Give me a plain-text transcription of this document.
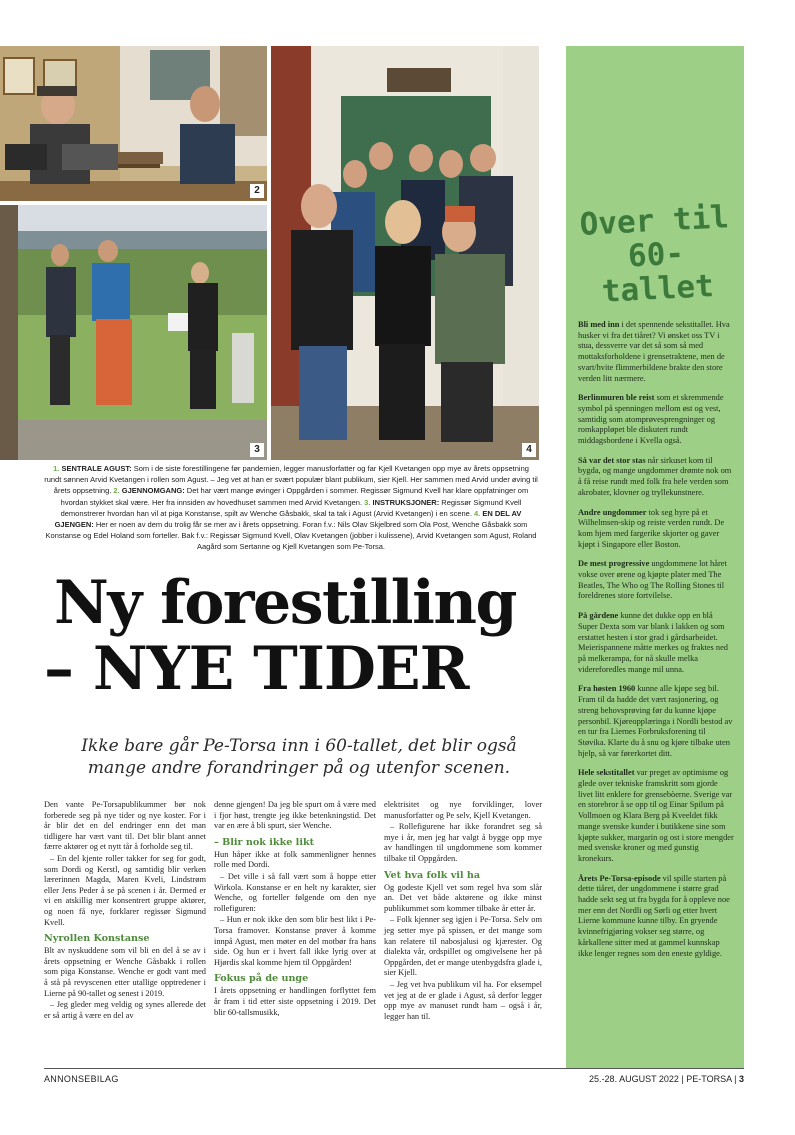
2
3	4
1. SENTRALE AGUST: Som i de siste forestillingene før pandemien, legger manusforfatter og far Kjell Kvetangen opp mye av årets oppsetning rundt sønnen Arvid Kvetangen i rollen som Agust. – Jeg vet at han er svært populær blant publikum, sier Kjell. Her sammen med Arvid under øving til årets oppsetning. 2. GJENNOMGANG: Det har vært mange øvinger i Oppgården i sommer. Regissør Sigmund Kvell har klare oppfatninger om hvordan stykket skal være. Her fra innsiden av hovedhuset sammen med Arvid Kvetangen. 3. INSTRUKSJONER: Regissør Sigmund Kvell demonstrerer hvordan han vil at piga Konstanse, spilt av Wenche Gåsbakk, skal ta tak i Agust (Arvid Kvetangen) i en scene. 4. EN DEL AV GJENGEN: Her er noen av dem du trolig får se mer av i årets oppsetning. Foran f.v.: Nils Olav Skjelbred som Ola Post, Wenche Gåsbakk som Konstanse og Edel Holand som forteller. Bak f.v.: Regissør Sigmund Kvell, Olav Kvetangen (jobber i kulissene), Arvid Kvetangen som Agust, Roland Aagård som Sertanne og Kjell Kvetangen som Pe-Torsa.
Ny forestilling
– NYE TIDER

Ikke bare går Pe-Torsa inn i 60-tallet, det blir også mange andre forandringer på og utenfor scenen.

Den vante Pe-Torsapublikummer bør nok forberede seg på nye tider og nye koster. For i år blir det en del endringer enn det man tidligere har vært vant til. Det blir blant annet færre aktører og et nytt tår å forholde seg til.

– En del kjente roller takker for seg for godt, som Dordi og Kerstl, og samtidig blir verken lærerinnen Magda, Maren Kveli, Lindstrøm eller Jens Peder å se på scenen i år. Dermed er vi en atskillig mer konsentrert gruppe aktører, og noen få nye, forklarer regissør Sigmund Kvell.

Nyrollen Konstanse

Blt av nyskuddene som vil bli en del å se av i årets oppsetning er Wenche Gåsbakk i rollen som piga Konstanse. Wenche er godt vant med å stå på revyscenen etter utallige opptredener i Lierne på 90-tallet og senest i 2019.

– Jeg gleder meg veldig og synes allerede det er så artig å være en del av

denne gjengen! Da jeg ble spurt om å være med i fjor høst, trengte jeg ikke betenkningstid. Det var en ære å bli spurt, sier Wenche.

– Blir nok ikke likt

Hun håper ikke at folk sammenligner hennes rolle med Dordi.

– Det ville i så fall vært som å hoppe etter Wirkola. Konstanse er en helt ny karakter, sier Wenche, og forteller følgende om den nye rollefiguren:

– Hun er nok ikke den som blir best likt i Pe-Torsa framover. Konstanse prøver å komme innpå Agust, men møter en del motbør fra hans side. Og hun er i hvert fall ikke lyrig over at Hjørdis skal komme hjem til Oppgården!

Fokus på de unge

I årets oppsetning er handlingen forflyttet fem år fram i tid etter siste oppsetning i 2019. Det blir 60-tallsmusikk,

elektrisitet og nye forviklinger, lover manusforfatter og Pe selv, Kjell Kvetangen.

– Rollefigurene har ikke forandret seg så mye i år, men jeg har valgt å bygge opp mye av handlingen til ungdommene som kommer tilbake til Oppgården.

Vet hva folk vil ha

Og godeste Kjell vet som regel hva som slår an. Det vet både aktørene og ikke minst publikummet som kommer tilbake år etter år.

– Folk kjenner seg igjen i Pe-Torsa. Selv om jeg setter mye på spissen, er det mange som kan relatere til nabosjalusi og kjærester. Og dialekta vår, ordspillet og omgivelsene her på Oppgården, det er mange utenbygdsfra glade i, sier Kjell.

– Jeg vet hva publikum vil ha. For eksempel vet jeg at de er glade i Agust, så derfor legger opp mye av manuset rundt ham – også i år, legger han til.

Over til 60-tallet

Bli med inn i det spennende sekstitallet. Hva husker vi fra det tiåret? Vi ønsket oss TV i stua, dessverre var det så som så med mottaksforholdene i grensetraktene, men de svart/hvite flimmerbildene brakte den store verden litt nærmere.

Berlinmuren ble reist som et skremmende symbol på spenningen mellom øst og vest, samtidig som atomprøvesprengninger og romkappløpet ble diskutert rundt middagsbordene i Kvella også.

Så var det stor stas når sirkuset kom til bygda, og mange ungdommer drømte nok om å få reise rundt med folk fra hele verden som akrobater, klovner og tryllekunstnere.

Andre ungdommer tok seg hyre på et Wilhelmsen-skip og reiste verden rundt. De kom hjem med fargerike skjorter og gaver kjøpt i Singapore eller Boston.

De mest progressive ungdommene lot håret vokse over ørene og kjøpte plater med The Beatles, The Who og The Rolling Stones til foreldrenes store fortvilelse.

På gårdene kunne det dukke opp en blå Super Dexta som var blank i lakken og som erstattet hesten i stor grad i gårdsarbeidet. Meierispannene måtte merkes og fraktes ned på melkerampa, for nå skulle melka videreforedles mange mil unna.

Fra høsten 1960 kunne alle kjøpe seg bil. Fram til da hadde det vært rasjonering, og streng behovsprøving før du kunne kjøpe personbil. Kjøreopplæringa i Nordli bestod av en tur fra Liernes Forbruksforening til Støvika. Klarte du å snu og kjøre tilbake uten hjelp, så var førerkortet ditt.

Hele sekstitallet var preget av optimisme og glede over tekniske framskritt som gjorde livet litt enklere for grensebòerne. Sverige var en storebror å se opp til og Einar Spilum på Vollmoen og Klara Berg på Kveeldet fikk mange svenske kunder i butikkene sine som kjøpte sukker, margarin og ost i store mengder med svenske kroner og med gunstig kronekurs.

Årets Pe-Torsa-episode vil spille starten på dette tiåret, der ungdommene i større grad hadde sekt seg ut fra bygda for å oppleve noe mer enn det Nordli og Sørli og etter hvert Lierne kommune kunne tilby. En gryende kvinnefrigjøring vokser seg større, og kårkallene sitter med at gammel kunnskap ikke lenger regnes som den eneste gyldige.

ANNONSEBILAG	25.-28. AUGUST 2022 | PE-TORSA | 3
